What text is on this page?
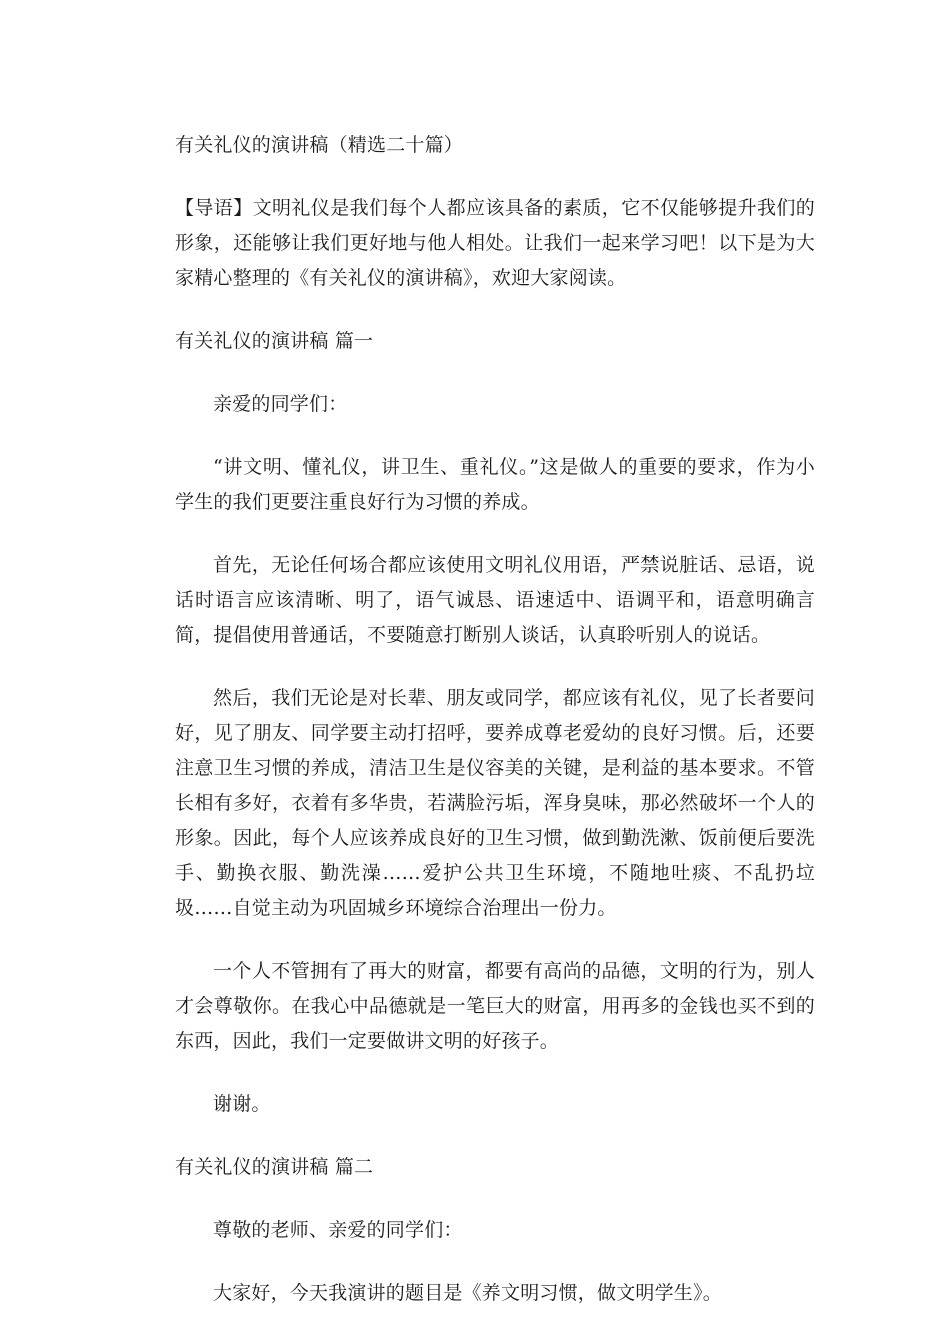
有关礼仪的演讲稿（精选二十篇）

【导语】文明礼仪是我们每个人都应该具备的素质，它不仅能够提升我们的形象，还能够让我们更好地与他人相处。让我们一起来学习吧！以下是为大家精心整理的《有关礼仪的演讲稿》，欢迎大家阅读。

有关礼仪的演讲稿 篇一

亲爱的同学们：

“讲文明、懂礼仪，讲卫生、重礼仪。”这是做人的重要的要求，作为小学生的我们更要注重良好行为习惯的养成。

首先，无论任何场合都应该使用文明礼仪用语，严禁说脏话、忌语，说话时语言应该清晰、明了，语气诚恳、语速适中、语调平和，语意明确言简，提倡使用普通话，不要随意打断别人谈话，认真聆听别人的说话。

然后，我们无论是对长辈、朋友或同学，都应该有礼仪，见了长者要问好，见了朋友、同学要主动打招呼，要养成尊老爱幼的良好习惯。后，还要注意卫生习惯的养成，清洁卫生是仪容美的关键，是利益的基本要求。不管长相有多好，衣着有多华贵，若满脸污垢，浑身臭味，那必然破坏一个人的形象。因此，每个人应该养成良好的卫生习惯，做到勤洗漱、饭前便后要洗手、勤换衣服、勤洗澡……爱护公共卫生环境，不随地吐痰、不乱扔垃圾……自觉主动为巩固城乡环境综合治理出一份力。

一个人不管拥有了再大的财富，都要有高尚的品德，文明的行为，别人才会尊敬你。在我心中品德就是一笔巨大的财富，用再多的金钱也买不到的东西，因此，我们一定要做讲文明的好孩子。

谢谢。

有关礼仪的演讲稿 篇二

尊敬的老师、亲爱的同学们：

大家好，今天我演讲的题目是《养文明习惯，做文明学生》。
